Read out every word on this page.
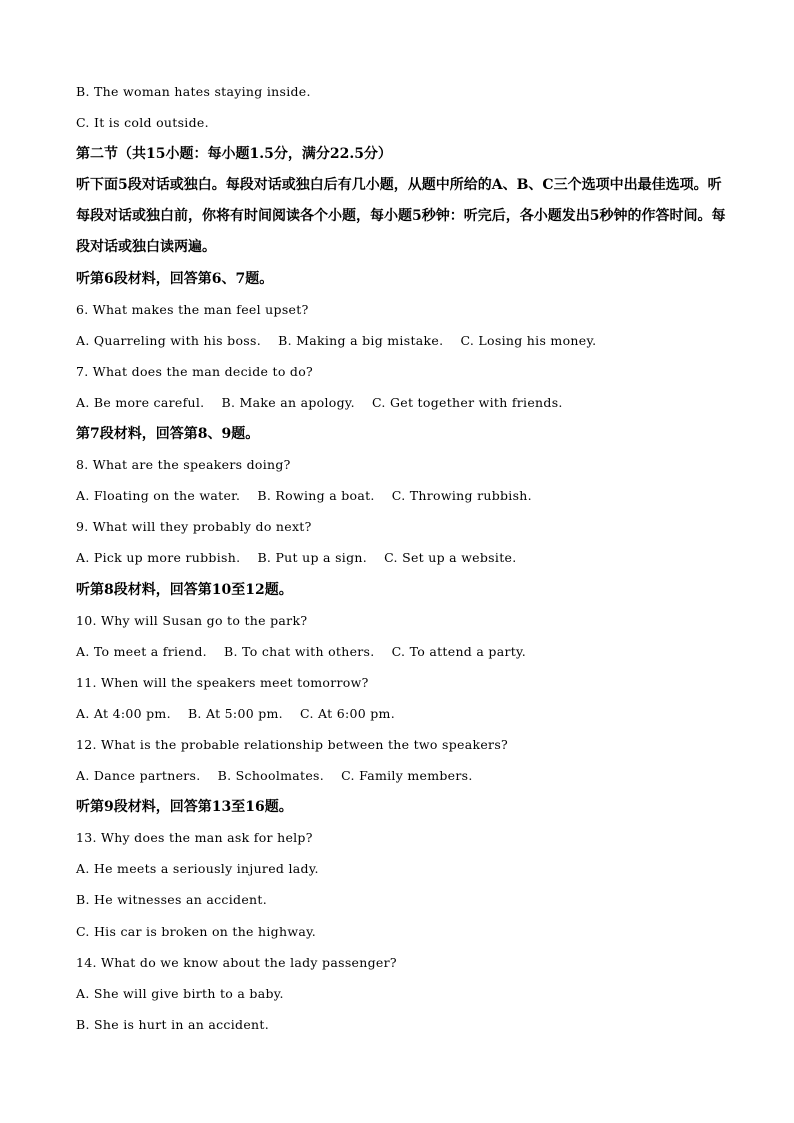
B. The woman hates staying inside.
C. It is cold outside.
第二节（共15小题：每小题1.5分，满分22.5分）
听下面5段对话或独白。每段对话或独白后有几小题，从题中所给的A、B、C三个选项中出最佳选项。听每段对话或独白前，你将有时间阅读各个小题，每小题5秒钟：听完后，各小题发出5秒钟的作答时间。每段对话或独白读两遍。
听第6段材料，回答第6、7题。
6. What makes the man feel upset?
A. Quarreling with his boss.    B. Making a big mistake.    C. Losing his money.
7. What does the man decide to do?
A. Be more careful.    B. Make an apology.    C. Get together with friends.
第7段材料，回答第8、9题。
8. What are the speakers doing?
A. Floating on the water.    B. Rowing a boat.    C. Throwing rubbish.
9. What will they probably do next?
A. Pick up more rubbish.    B. Put up a sign.    C. Set up a website.
听第8段材料，回答第10至12题。
10. Why will Susan go to the park?
A. To meet a friend.    B. To chat with others.    C. To attend a party.
11. When will the speakers meet tomorrow?
A. At 4:00 pm.    B. At 5:00 pm.    C. At 6:00 pm.
12. What is the probable relationship between the two speakers?
A. Dance partners.    B. Schoolmates.    C. Family members.
听第9段材料，回答第13至16题。
13. Why does the man ask for help?
A. He meets a seriously injured lady.
B. He witnesses an accident.
C. His car is broken on the highway.
14. What do we know about the lady passenger?
A. She will give birth to a baby.
B. She is hurt in an accident.
